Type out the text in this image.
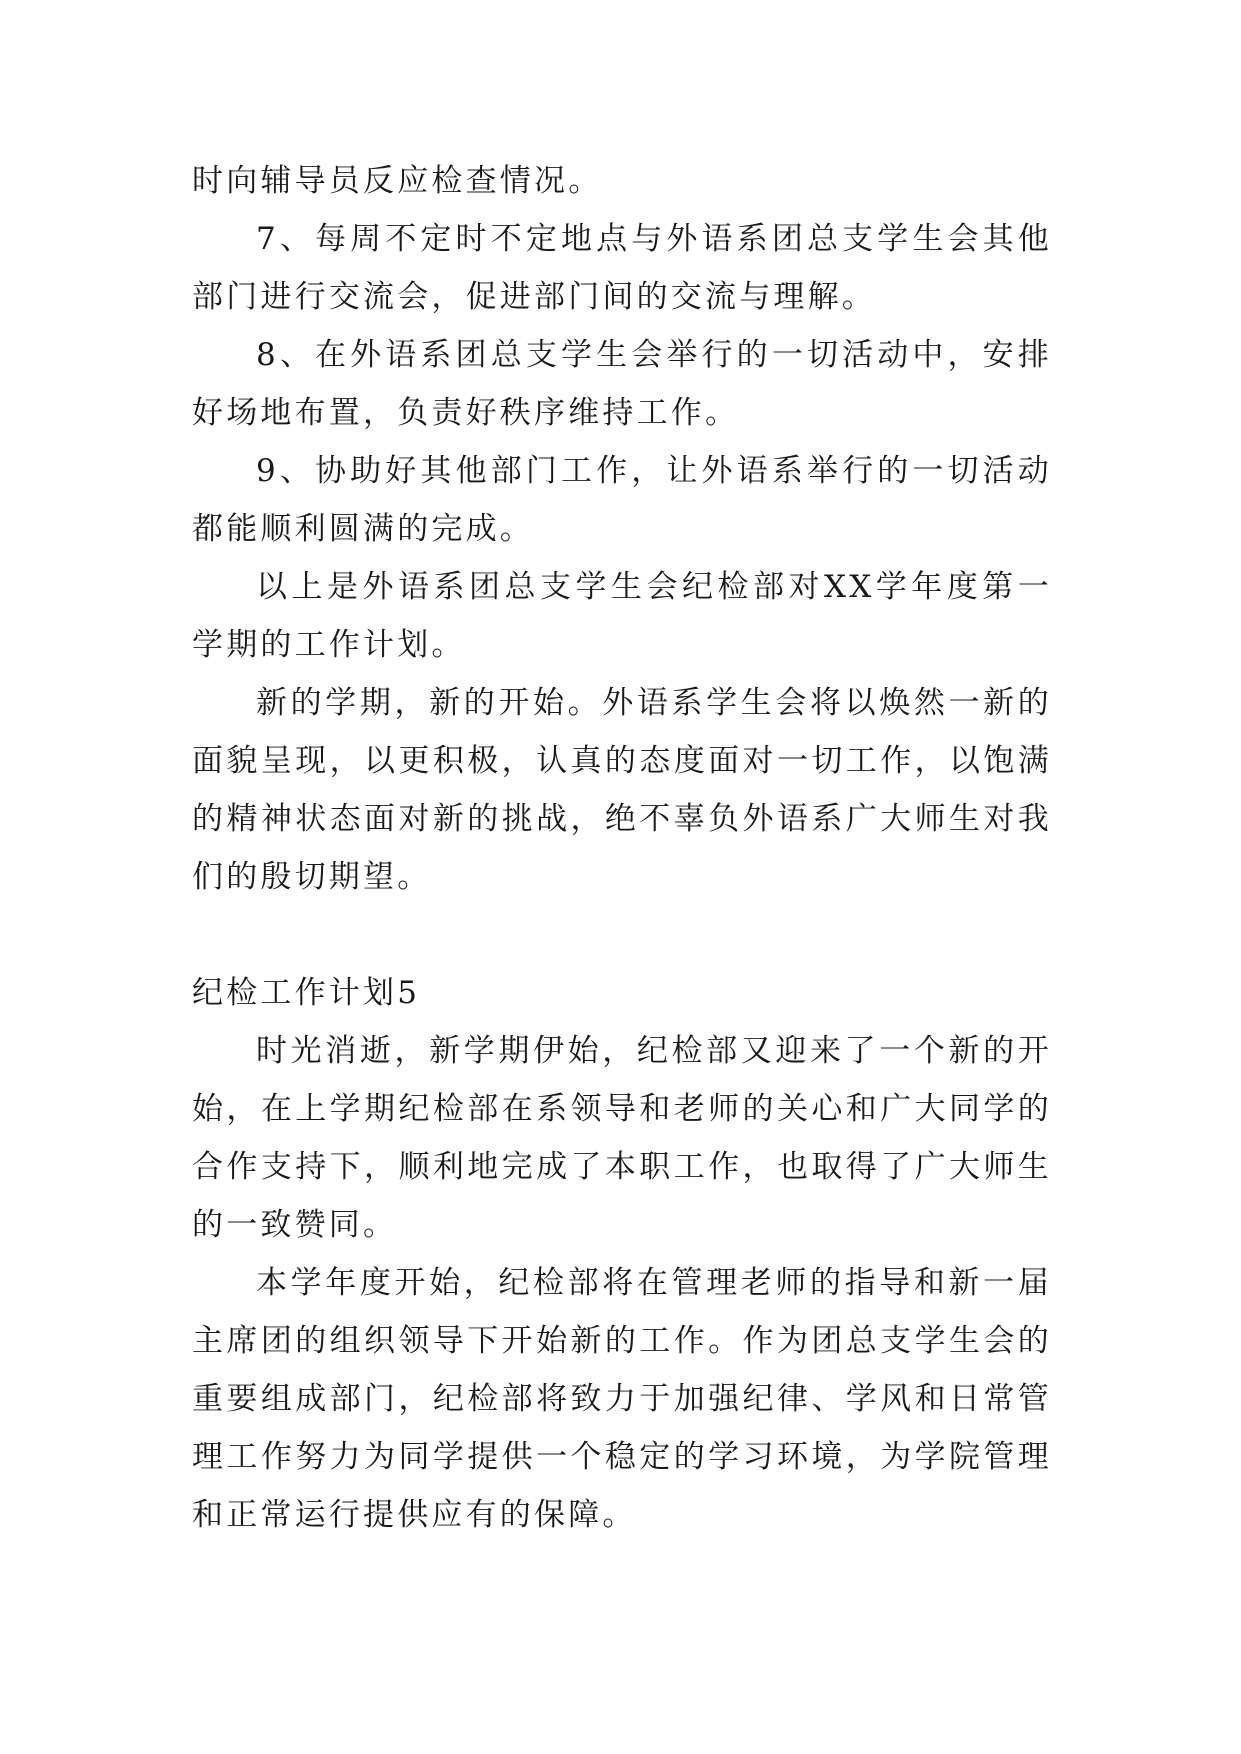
时向辅导员反应检查情况。

7、每周不定时不定地点与外语系团总支学生会其他部门进行交流会，促进部门间的交流与理解。

8、在外语系团总支学生会举行的一切活动中，安排好场地布置，负责好秩序维持工作。

9、协助好其他部门工作，让外语系举行的一切活动都能顺利圆满的完成。

以上是外语系团总支学生会纪检部对XX学年度第一学期的工作计划。

新的学期，新的开始。外语系学生会将以焕然一新的面貌呈现，以更积极，认真的态度面对一切工作，以饱满的精神状态面对新的挑战，绝不辜负外语系广大师生对我们的殷切期望。

纪检工作计划5

时光消逝，新学期伊始，纪检部又迎来了一个新的开始，在上学期纪检部在系领导和老师的关心和广大同学的合作支持下，顺利地完成了本职工作，也取得了广大师生的一致赞同。

本学年度开始，纪检部将在管理老师的指导和新一届主席团的组织领导下开始新的工作。作为团总支学生会的重要组成部门，纪检部将致力于加强纪律、学风和日常管理工作努力为同学提供一个稳定的学习环境，为学院管理和正常运行提供应有的保障。
